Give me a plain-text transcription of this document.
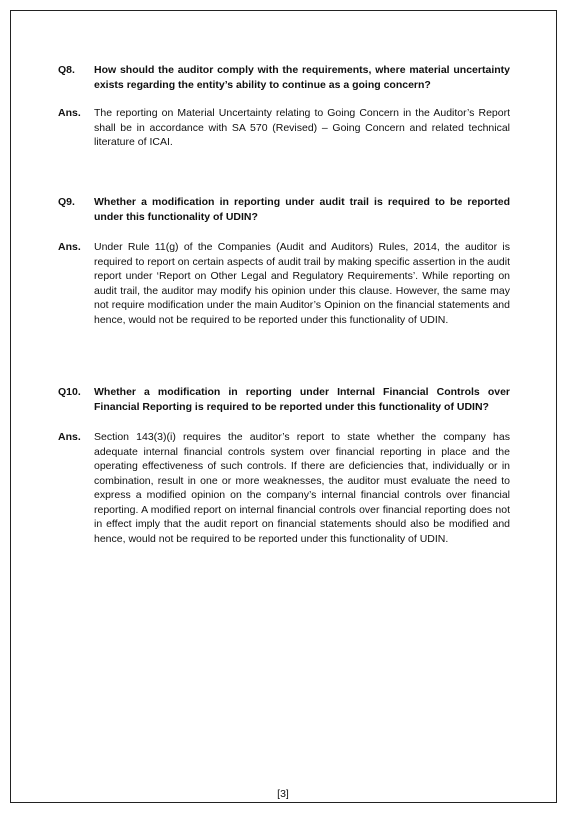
Q8.	How should the auditor comply with the requirements, where material uncertainty exists regarding the entity’s ability to continue as a going concern?
Ans.	The reporting on Material Uncertainty relating to Going Concern in the Auditor’s Report shall be in accordance with SA 570 (Revised) – Going Concern and related technical literature of ICAI.
Q9.	Whether a modification in reporting under audit trail is required to be reported under this functionality of UDIN?
Ans.	Under Rule 11(g) of the Companies (Audit and Auditors) Rules, 2014, the auditor is required to report on certain aspects of audit trail by making specific assertion in the audit report under ‘Report on Other Legal and Regulatory Requirements’. While reporting on audit trail, the auditor may modify his opinion under this clause. However, the same may not require modification under the main Auditor’s Opinion on the financial statements and hence, would not be required to be reported under this functionality of UDIN.
Q10.	Whether a modification in reporting under Internal Financial Controls over Financial Reporting is required to be reported under this functionality of UDIN?
Ans.	Section 143(3)(i) requires the auditor’s report to state whether the company has adequate internal financial controls system over financial reporting in place and the operating effectiveness of such controls. If there are deficiencies that, individually or in combination, result in one or more weaknesses, the auditor must evaluate the need to express a modified opinion on the company’s internal financial controls over financial reporting. A modified report on internal financial controls over financial reporting does not in effect imply that the audit report on financial statements should also be modified and hence, would not be required to be reported under this functionality of UDIN.
[3]
